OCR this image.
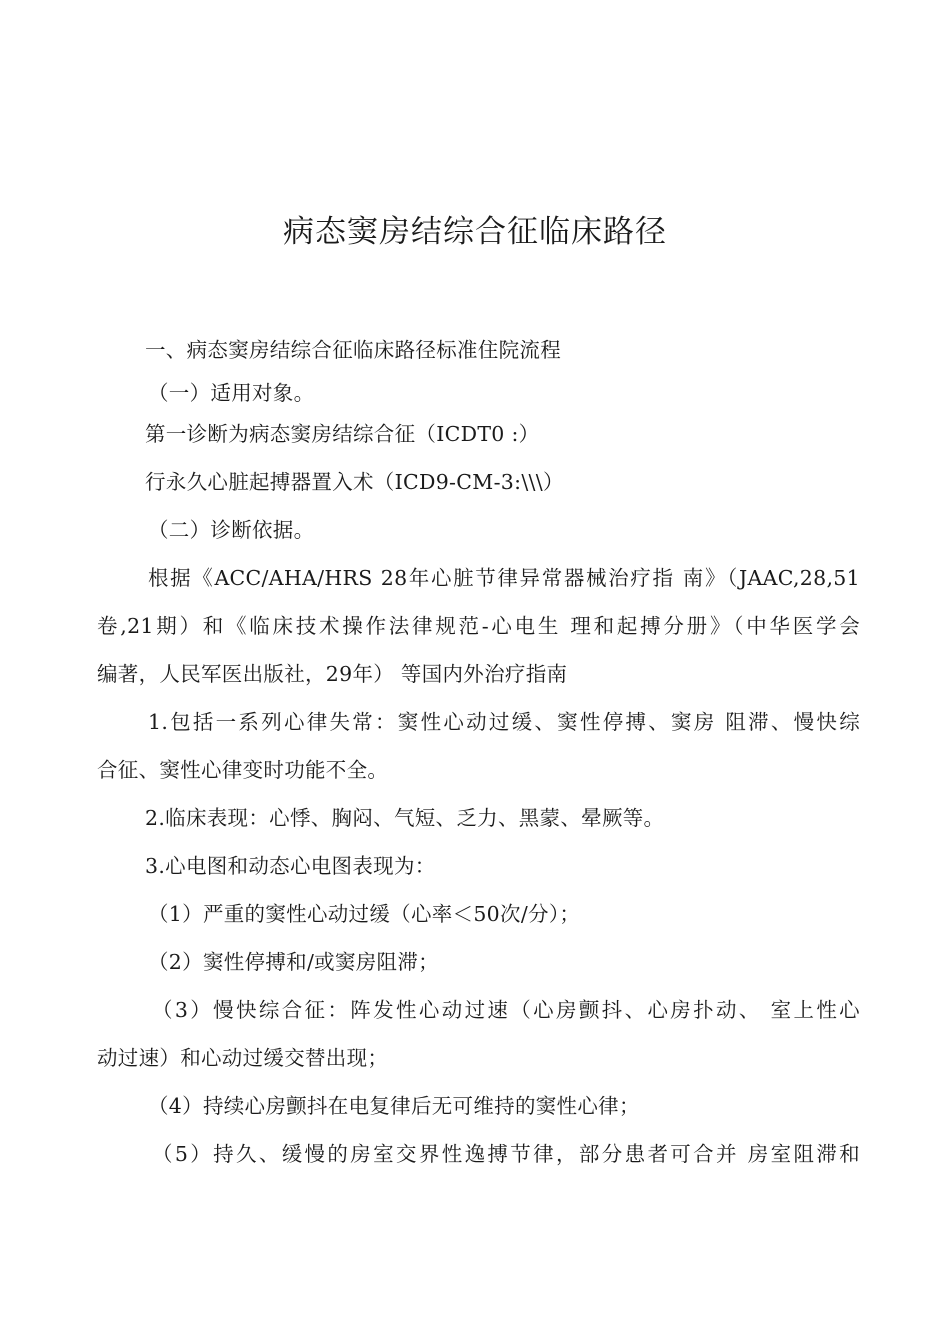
病态窦房结综合征临床路径
一、病态窦房结综合征临床路径标准住院流程
（一）适用对象。
第一诊断为病态窦房结综合征（ICDT0 :）
行永久心脏起搏器置入术（ICD9-CM-3:\\\）
（二）诊断依据。
根据《ACC/AHA/HRS 28年心脏节律异常器械治疗指 南》（JAAC,28,51
卷,21期）和《临床技术操作法律规范-心电生 理和起搏分册》（中华医学会
编著，人民军医出版社，29年） 等国内外治疗指南
1.包括一系列心律失常：窦性心动过缓、窦性停搏、窦房 阻滞、慢快综
合征、窦性心律变时功能不全。
2.临床表现：心悸、胸闷、气短、乏力、黑蒙、晕厥等。
3.心电图和动态心电图表现为：
（1）严重的窦性心动过缓（心率＜50次/分）；
（2）窦性停搏和/或窦房阻滞；
（3）慢快综合征：阵发性心动过速（心房颤抖、心房扑动、 室上性心
动过速）和心动过缓交替出现；
（4）持续心房颤抖在电复律后无可维持的窦性心律；
（5）持久、缓慢的房室交界性逸搏节律，部分患者可合并 房室阻滞和
